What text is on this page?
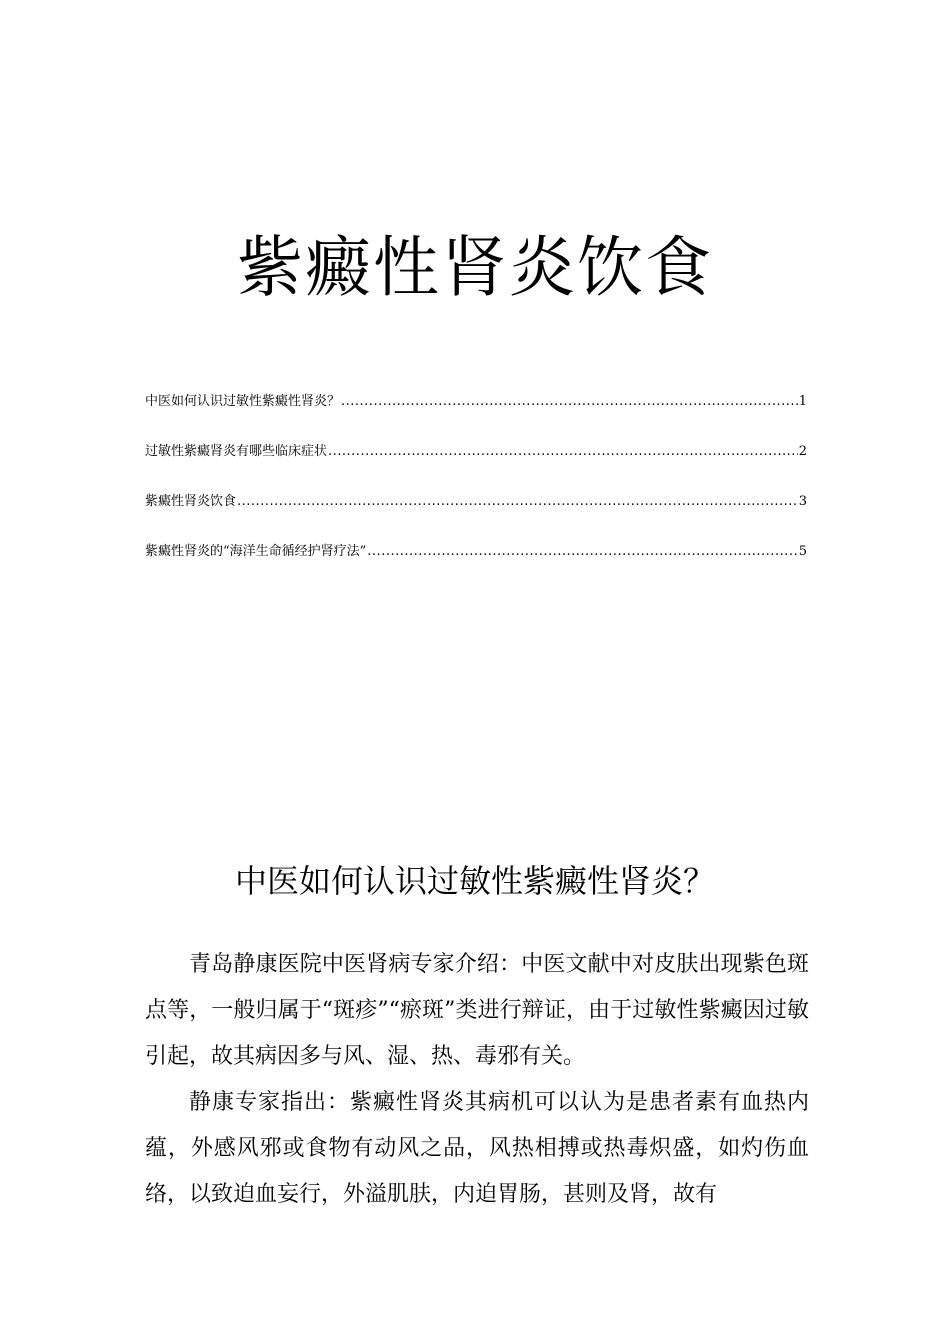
紫癜性肾炎饮食
中医如何认识过敏性紫癜性肾炎？ .....	1
过敏性紫癜肾炎有哪些临床症状 .....	2
紫癜性肾炎饮食 .....	3
紫癜性肾炎的“海洋生命循经护肾疗法” .....	5
中医如何认识过敏性紫癜性肾炎？

青岛静康医院中医肾病专家介绍：中医文献中对皮肤出现紫色斑点等，一般归属于“斑疹”“瘀斑”类进行辩证，由于过敏性紫癜因过敏引起，故其病因多与风、湿、热、毒邪有关。

静康专家指出：紫癜性肾炎其病机可以认为是患者素有血热内蕴，外感风邪或食物有动风之品，风热相搏或热毒炽盛，如灼伤血络，以致迫血妄行，外溢肌肤，内迫胃肠，甚则及肾，故有
